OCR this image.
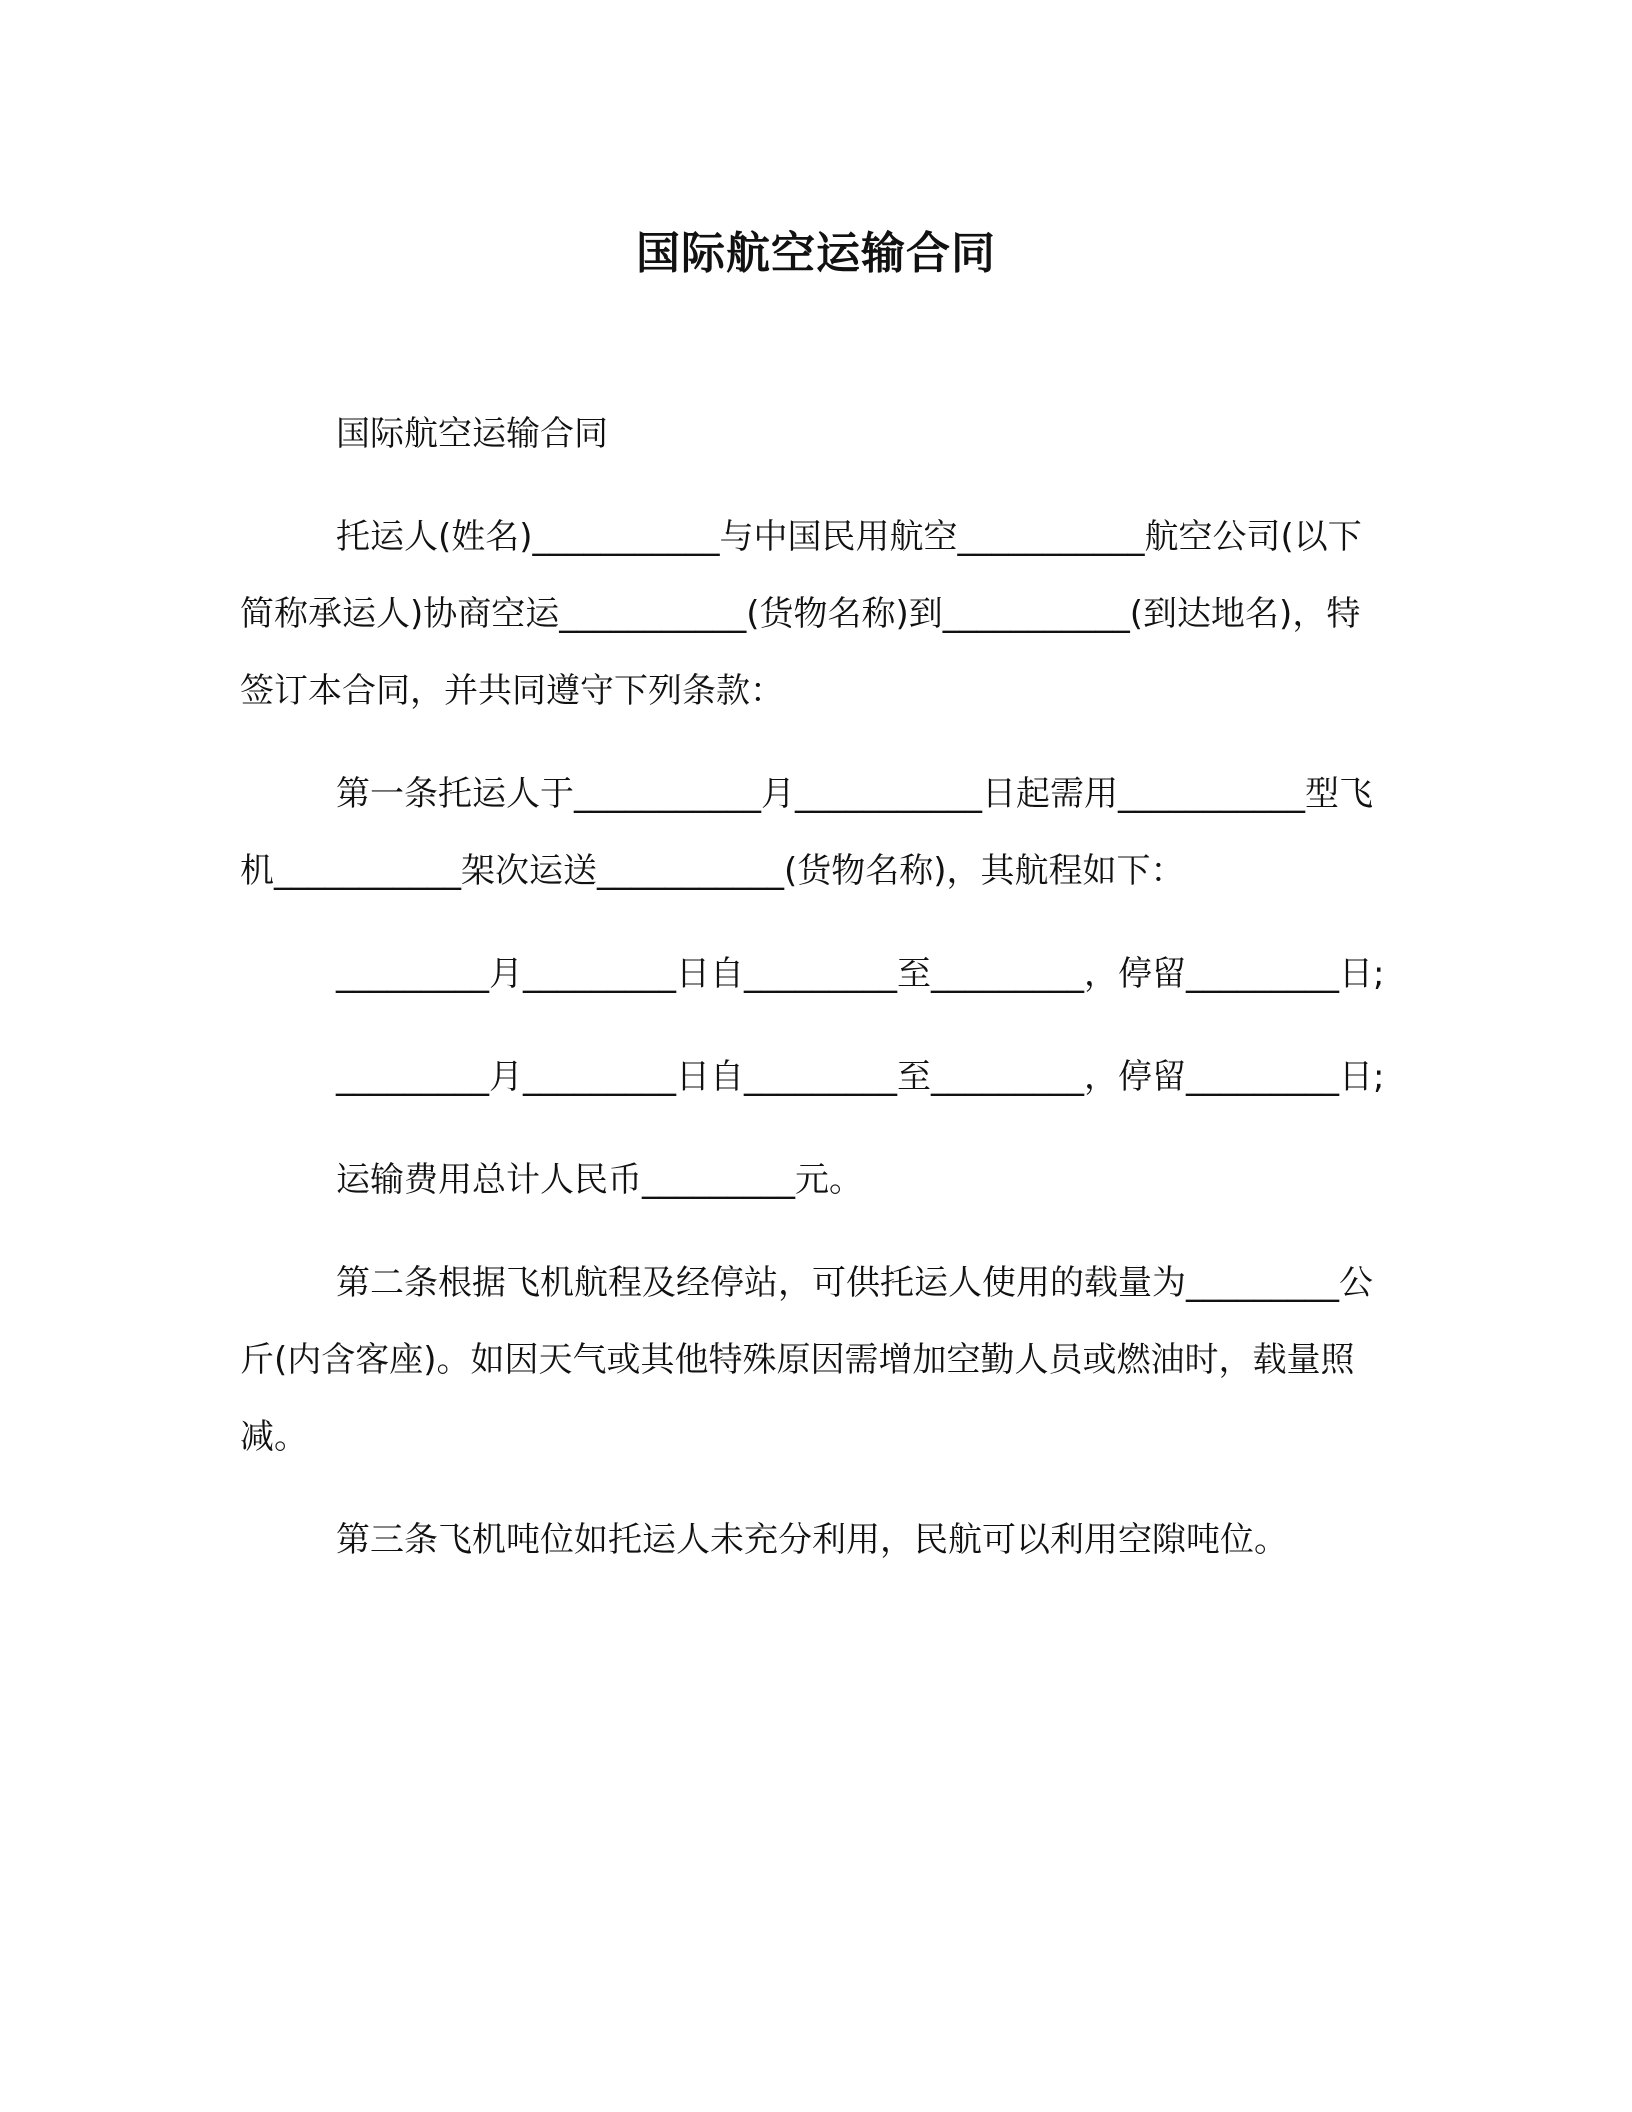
国际航空运输合同

国际航空运输合同

托运人(姓名)___________与中国民用航空___________航空公司(以下简称承运人)协商空运___________(货物名称)到___________(到达地名)，特签订本合同，并共同遵守下列条款：

第一条托运人于___________月___________日起需用___________型飞机___________架次运送___________(货物名称)，其航程如下：

_________月_________日自_________至_________，停留_________日;

_________月_________日自_________至_________，停留_________日;

运输费用总计人民币_________元。

第二条根据飞机航程及经停站，可供托运人使用的载量为_________公斤(内含客座)。如因天气或其他特殊原因需增加空勤人员或燃油时，载量照减。

第三条飞机吨位如托运人未充分利用，民航可以利用空隙吨位。
